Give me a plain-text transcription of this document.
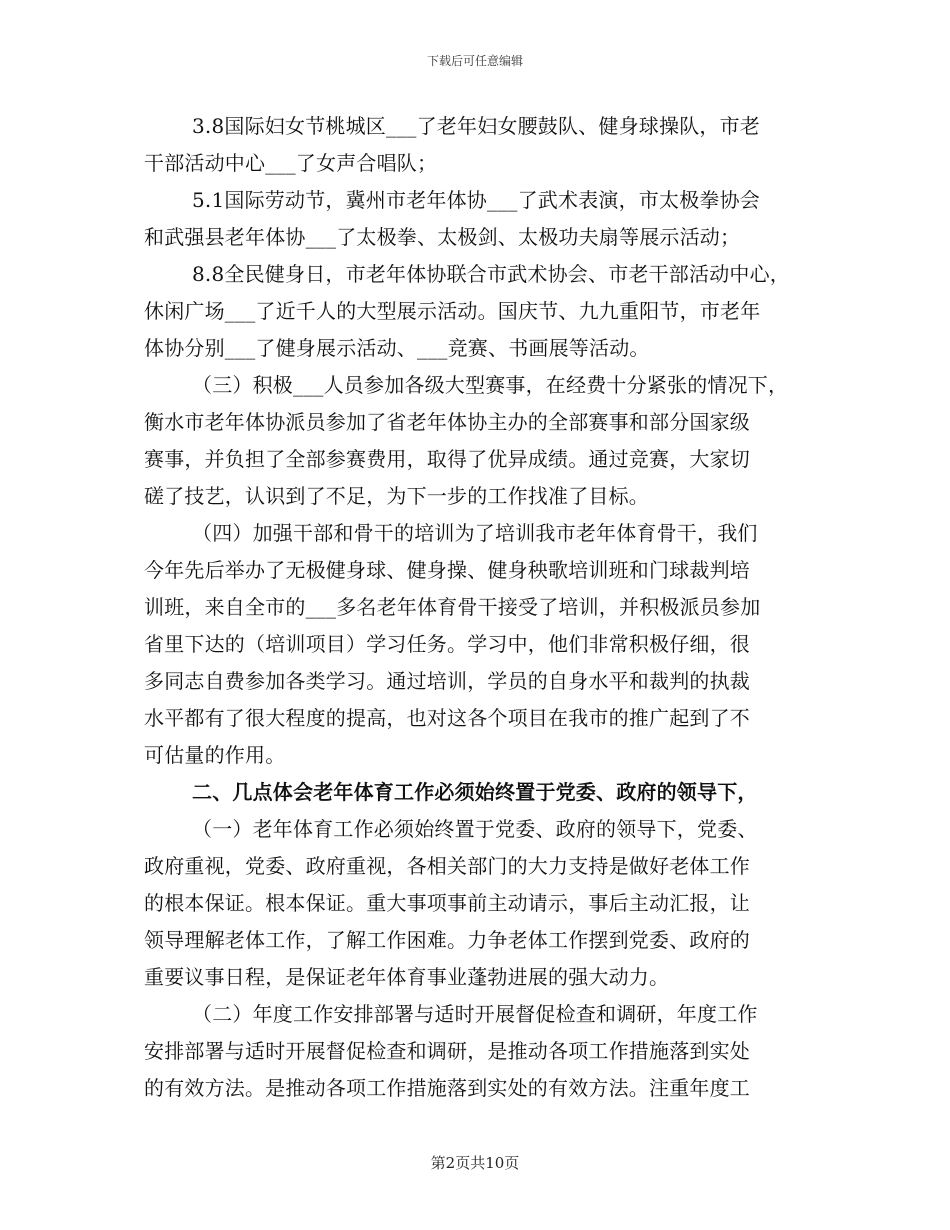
下载后可任意编辑
3.8国际妇女节桃城区___了老年妇女腰鼓队、健身球操队，市老
干部活动中心___了女声合唱队；
5.1国际劳动节，冀州市老年体协___了武术表演，市太极拳协会
和武强县老年体协___了太极拳、太极剑、太极功夫扇等展示活动；
8.8全民健身日，市老年体协联合市武术协会、市老干部活动中心，
休闲广场___了近千人的大型展示活动。国庆节、九九重阳节，市老年
体协分别___了健身展示活动、___竞赛、书画展等活动。
（三）积极___人员参加各级大型赛事，在经费十分紧张的情况下，
衡水市老年体协派员参加了省老年体协主办的全部赛事和部分国家级
赛事，并负担了全部参赛费用，取得了优异成绩。通过竞赛，大家切
磋了技艺，认识到了不足，为下一步的工作找准了目标。
（四）加强干部和骨干的培训为了培训我市老年体育骨干，我们
今年先后举办了无极健身球、健身操、健身秧歌培训班和门球裁判培
训班，来自全市的___多名老年体育骨干接受了培训，并积极派员参加
省里下达的（培训项目）学习任务。学习中，他们非常积极仔细，很
多同志自费参加各类学习。通过培训，学员的自身水平和裁判的执裁
水平都有了很大程度的提高，也对这各个项目在我市的推广起到了不
可估量的作用。
二、几点体会老年体育工作必须始终置于党委、政府的领导下，
（一）老年体育工作必须始终置于党委、政府的领导下，党委、
政府重视，党委、政府重视，各相关部门的大力支持是做好老体工作
的根本保证。根本保证。重大事项事前主动请示，事后主动汇报，让
领导理解老体工作，了解工作困难。力争老体工作摆到党委、政府的
重要议事日程，是保证老年体育事业蓬勃进展的强大动力。
（二）年度工作安排部署与适时开展督促检查和调研，年度工作
安排部署与适时开展督促检查和调研，是推动各项工作措施落到实处
的有效方法。是推动各项工作措施落到实处的有效方法。注重年度工
第2页共10页
